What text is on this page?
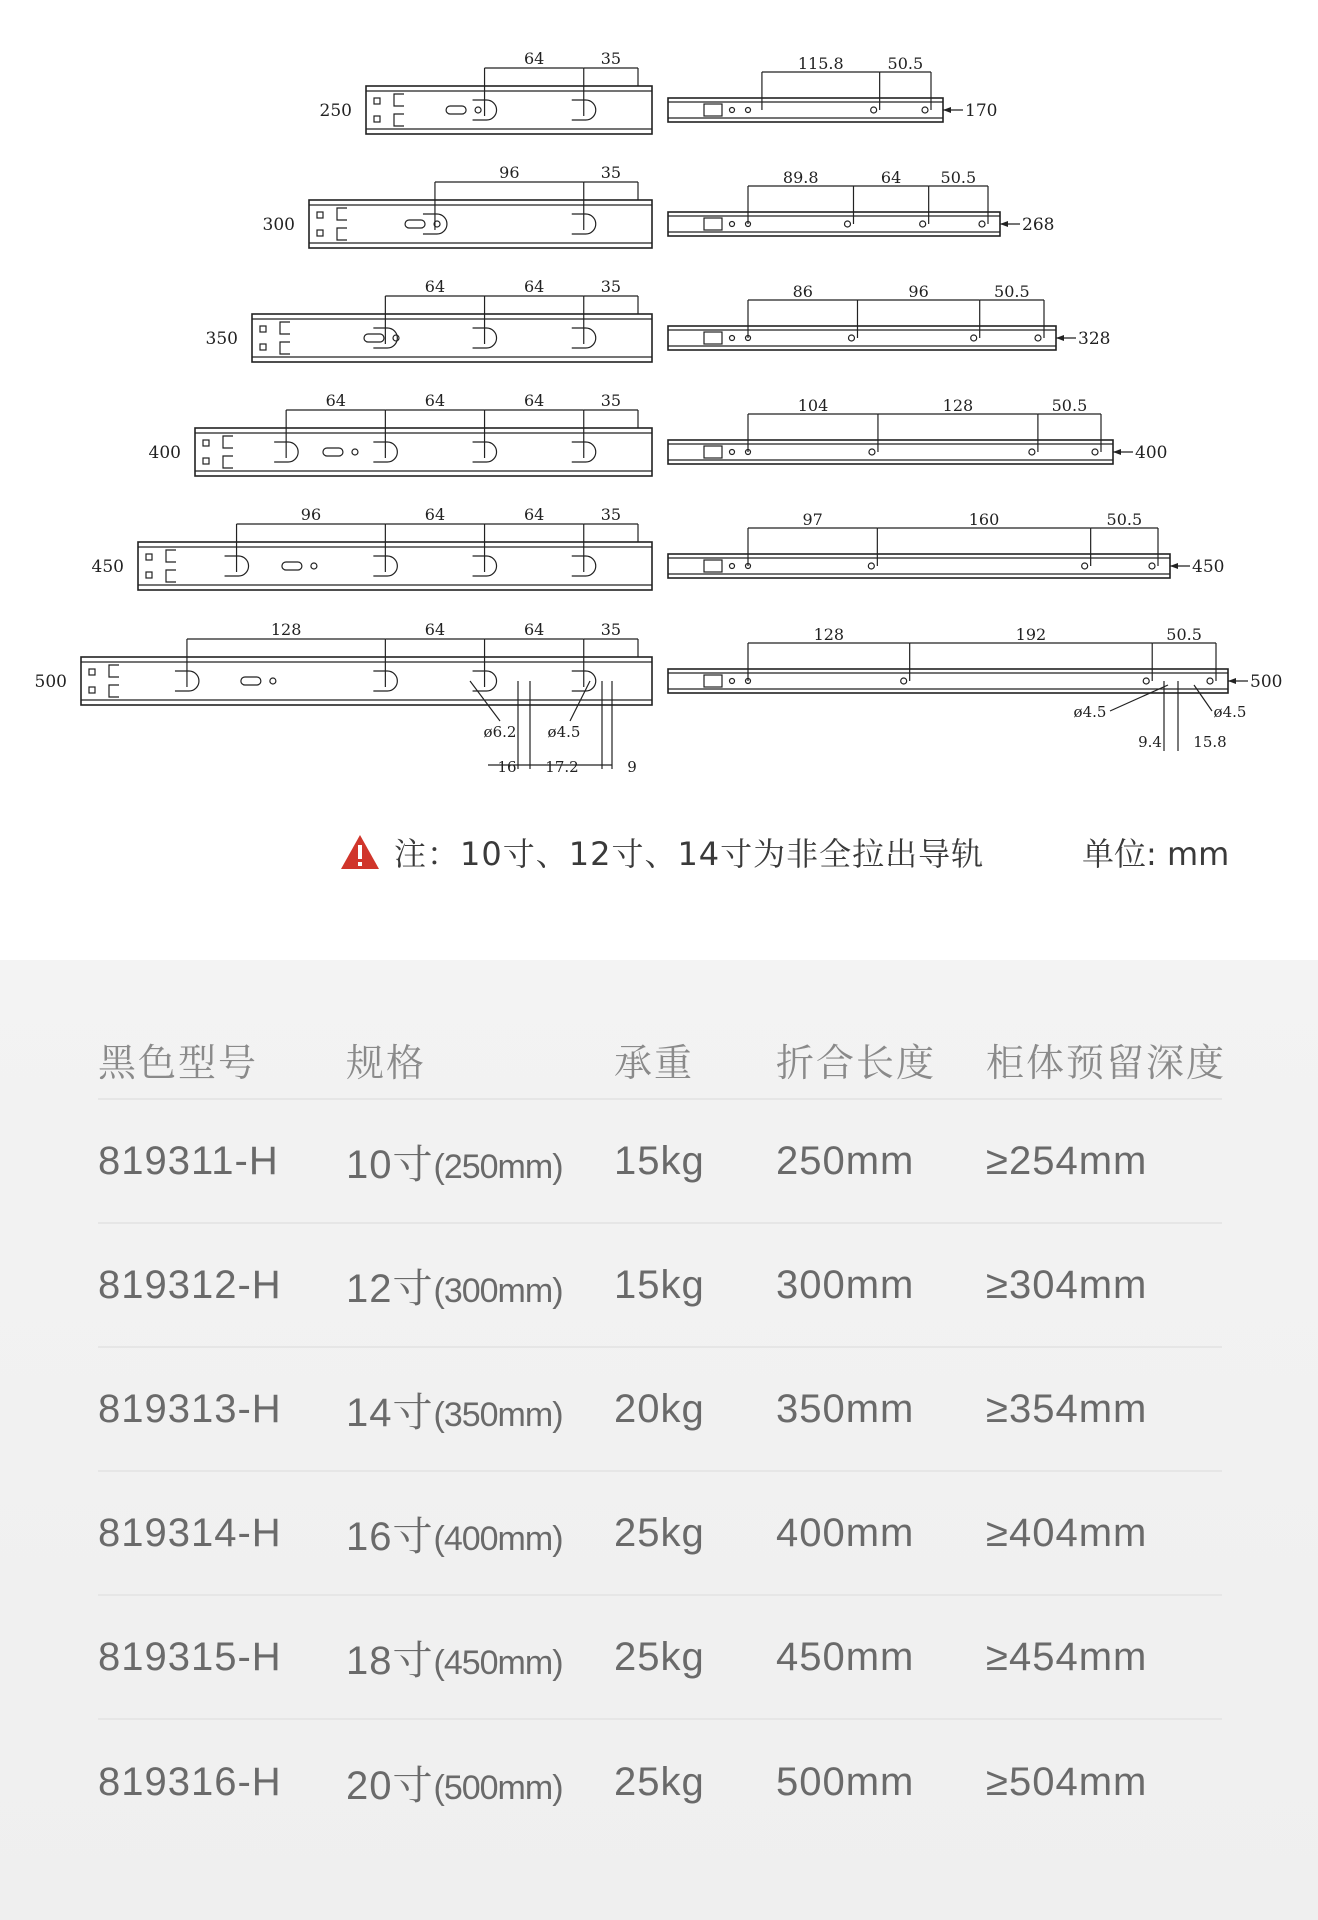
250
35
64
170
115.8	50.5
300
35
96
268
89.8	64 50.5
350
35
64
64
328
86	96	50.5
400
35
64
64
64
400
104	128	50.5
450
35
64
64
96
450
97	160	50.5
500
35
64
64
128
500
128	192	50.5
ø6.2 ø4.5
16 17.2	9
ø4.5	ø4.5
9.4 15.8
注：10寸、12寸、14寸为非全拉出导轨	单位: mm
黑色型号	规格	承重	折合长度	柜体预留深度
819311-H	10寸(250mm)	15kg	250mm	≥254mm
819312-H	12寸(300mm)	15kg	300mm	≥304mm
819313-H	14寸(350mm)	20kg	350mm	≥354mm
819314-H	16寸(400mm)	25kg	400mm	≥404mm
819315-H	18寸(450mm)	25kg	450mm	≥454mm
819316-H	20寸(500mm)	25kg	500mm	≥504mm
